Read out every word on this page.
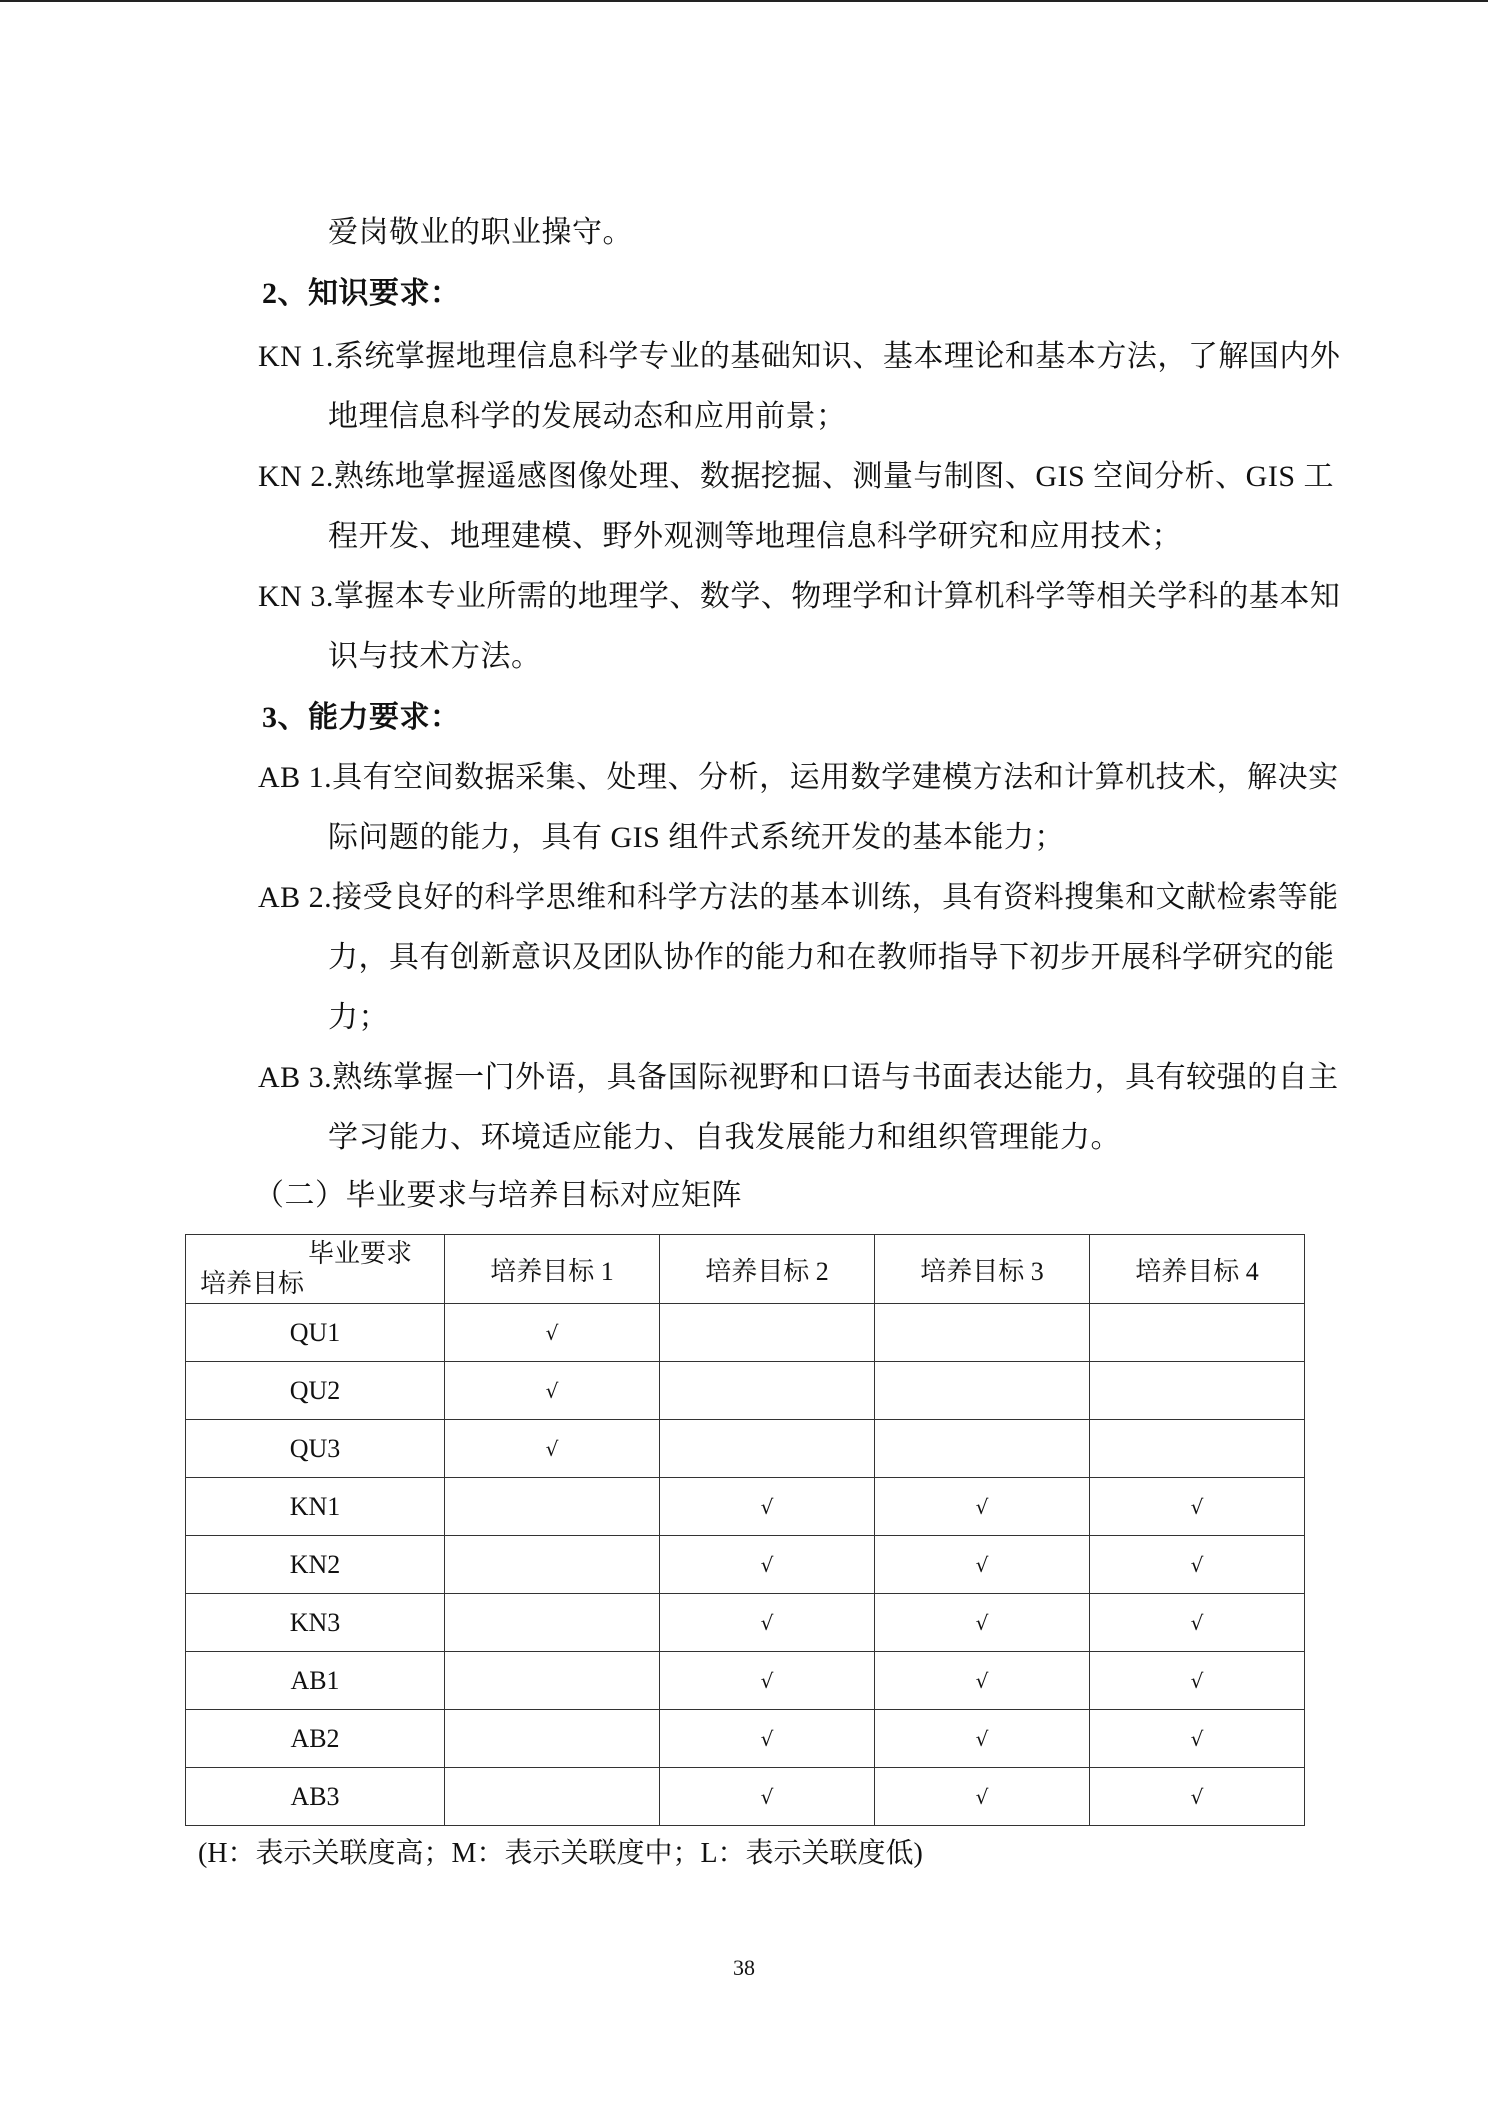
爱岗敬业的职业操守。
2、知识要求：
KN 1.系统掌握地理信息科学专业的基础知识、基本理论和基本方法，了解国内外
地理信息科学的发展动态和应用前景；
KN 2.熟练地掌握遥感图像处理、数据挖掘、测量与制图、GIS 空间分析、GIS 工
程开发、地理建模、野外观测等地理信息科学研究和应用技术；
KN 3.掌握本专业所需的地理学、数学、物理学和计算机科学等相关学科的基本知
识与技术方法。
3、能力要求：
AB 1.具有空间数据采集、处理、分析，运用数学建模方法和计算机技术，解决实
际问题的能力，具有 GIS 组件式系统开发的基本能力；
AB 2.接受良好的科学思维和科学方法的基本训练，具有资料搜集和文献检索等能
力，具有创新意识及团队协作的能力和在教师指导下初步开展科学研究的能
力；
AB 3.熟练掌握一门外语，具备国际视野和口语与书面表达能力，具有较强的自主
学习能力、环境适应能力、自我发展能力和组织管理能力。
（二）毕业要求与培养目标对应矩阵
毕业要求
培养目标	培养目标 1	培养目标 2	培养目标 3	培养目标 4
QU1	√			
QU2	√			
QU3	√			
KN1		√	√	√
KN2		√	√	√
KN3		√	√	√
AB1		√	√	√
AB2		√	√	√
AB3		√	√	√
(H：表示关联度高；M：表示关联度中；L：表示关联度低)
38
